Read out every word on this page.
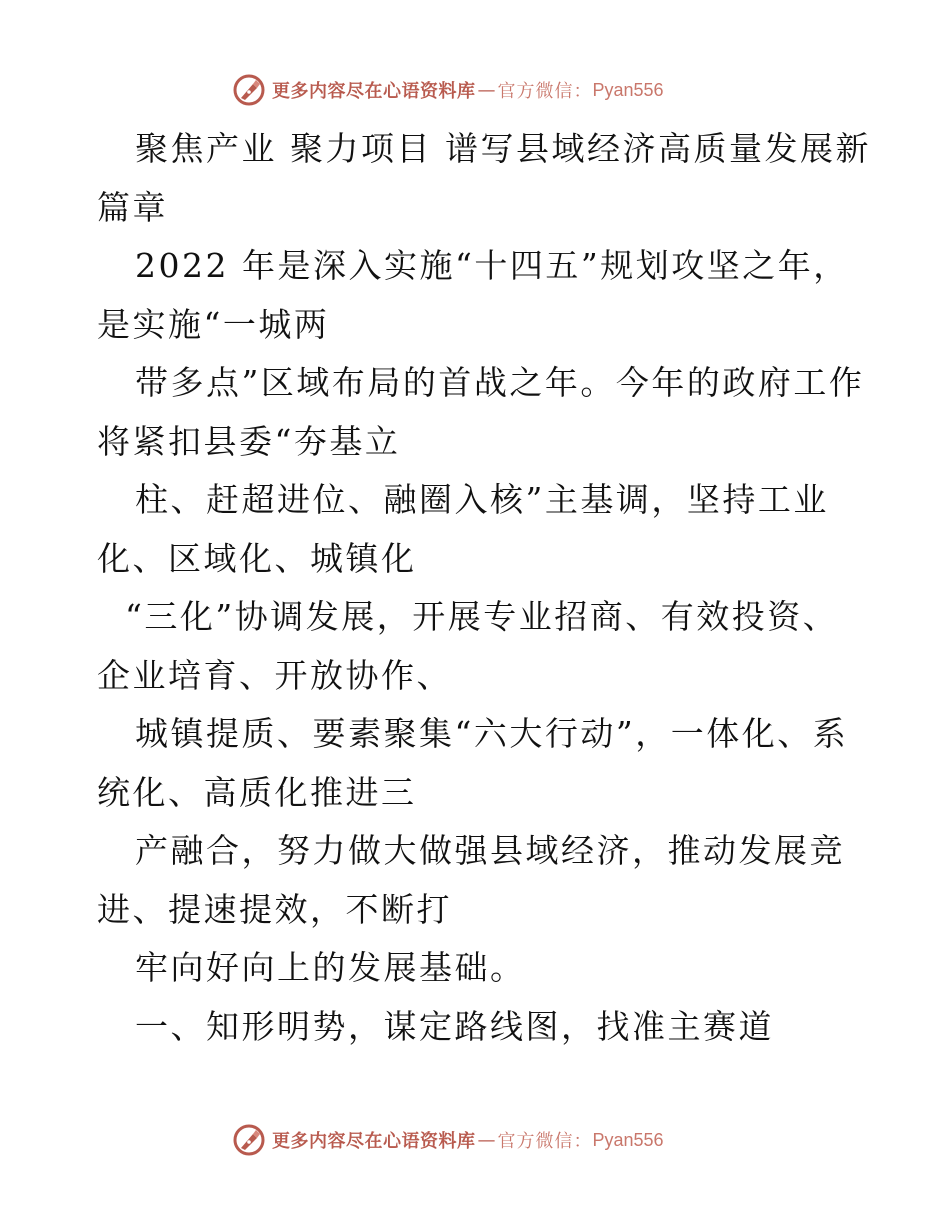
更多内容尽在心语资料库 — 官方微信： Pyan556
聚焦产业 聚力项目 谱写县域经济高质量发展新
篇章
2022 年是深入实施“十四五”规划攻坚之年，
是实施“一城两
带多点”区域布局的首战之年。今年的政府工作
将紧扣县委“夯基立
柱、赶超进位、融圈入核”主基调，坚持工业
化、区域化、城镇化
“三化”协调发展，开展专业招商、有效投资、
企业培育、开放协作、
城镇提质、要素聚集“六大行动”，一体化、系
统化、高质化推进三
产融合，努力做大做强县域经济，推动发展竞
进、提速提效，不断打
牢向好向上的发展基础。
一、知形明势，谋定路线图，找准主赛道
更多内容尽在心语资料库 — 官方微信： Pyan556
